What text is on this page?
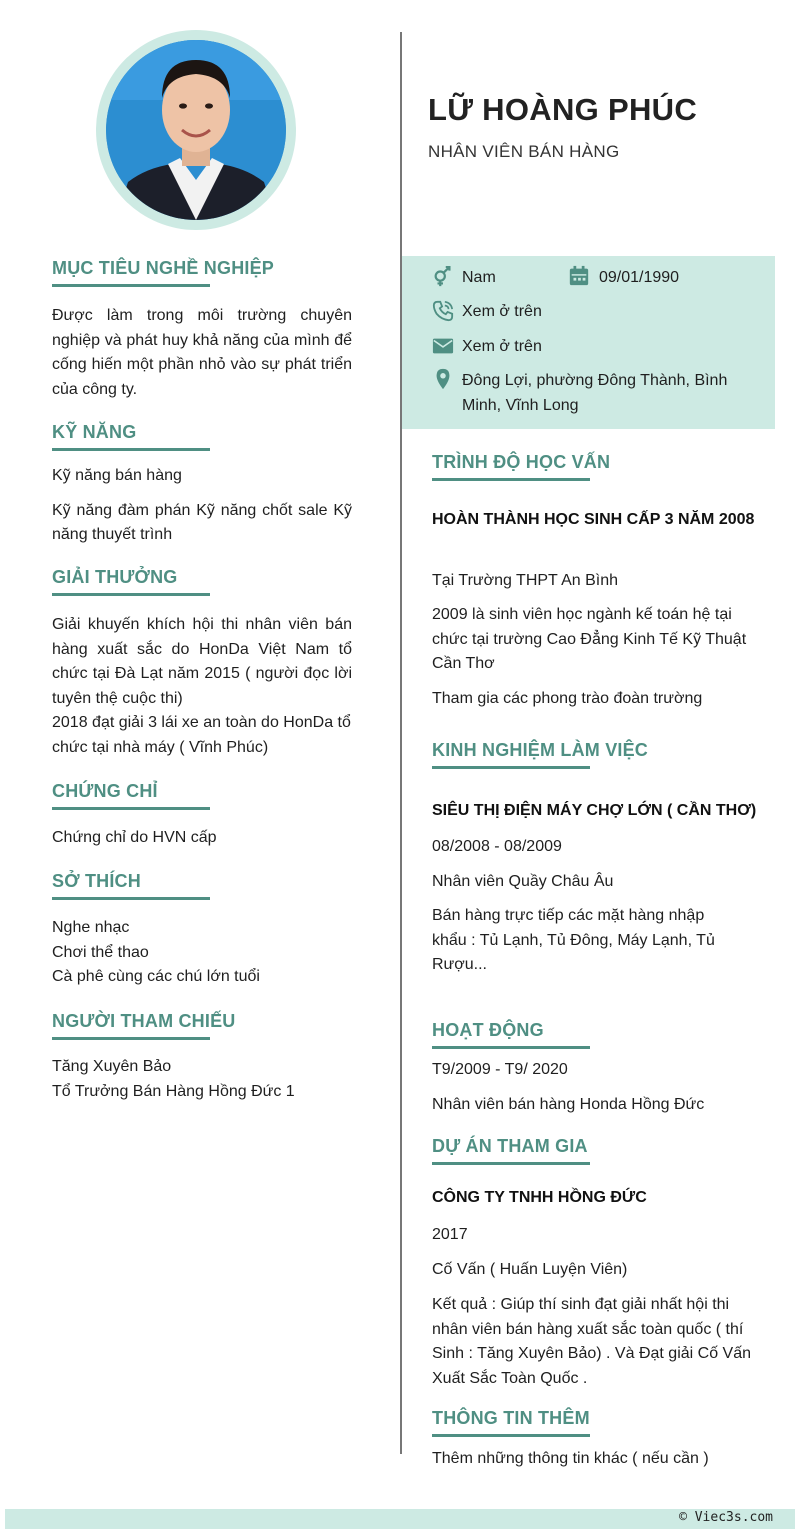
MỤC TIÊU NGHỀ NGHIỆP

Được làm trong môi trường chuyên nghiệp và phát huy khả năng của mình để cống hiến một phần nhỏ vào sự phát triển của công ty.

KỸ NĂNG

Kỹ năng bán hàng

Kỹ năng đàm phán Kỹ năng chốt sale Kỹ năng thuyết trình

GIẢI THƯỞNG

Giải khuyến khích hội thi nhân viên bán hàng xuất sắc do HonDa Việt Nam tổ chức tại Đà Lạt năm 2015 ( người đọc lời tuyên thệ cuộc thi)

2018 đạt giải 3 lái xe an toàn do HonDa tổ chức tại nhà máy ( Vĩnh Phúc)

CHỨNG CHỈ

Chứng chỉ do HVN cấp

SỞ THÍCH

Nghe nhạc

Chơi thể thao

Cà phê cùng các chú lớn tuổi

NGƯỜI THAM CHIẾU

Tăng Xuyên Bảo

Tổ Trưởng Bán Hàng Hồng Đức 1

LỮ HOÀNG PHÚC
NHÂN VIÊN BÁN HÀNG
Nam	09/01/1990
Xem ở trên
Xem ở trên
Đông Lợi, phường Đông Thành, Bình Minh, Vĩnh Long
TRÌNH ĐỘ HỌC VẤN
HOÀN THÀNH HỌC SINH CẤP 3 NĂM 2008
Tại Trường THPT An Bình
2009 là sinh viên học ngành kế toán hệ tại chức tại trường Cao Đẳng Kinh Tế Kỹ Thuật Cần Thơ
Tham gia các phong trào đoàn trường
KINH NGHIỆM LÀM VIỆC
SIÊU THỊ ĐIỆN MÁY CHỢ LỚN ( CẦN THƠ)
08/2008 - 08/2009
Nhân viên Quầy Châu Âu
Bán hàng trực tiếp các mặt hàng nhập khẩu : Tủ Lạnh, Tủ Đông, Máy Lạnh, Tủ Rượu...
HOẠT ĐỘNG
T9/2009 - T9/ 2020
Nhân viên bán hàng Honda Hồng Đức
DỰ ÁN THAM GIA
CÔNG TY TNHH HỒNG ĐỨC
2017
Cố Vấn ( Huấn Luyện Viên)
Kết quả : Giúp thí sinh đạt giải nhất hội thi nhân viên bán hàng xuất sắc toàn quốc ( thí Sinh : Tăng Xuyên Bảo) . Và Đạt giải Cố Vấn Xuất Sắc Toàn Quốc .
THÔNG TIN THÊM
Thêm những thông tin khác ( nếu cần )
© Viec3s.com
